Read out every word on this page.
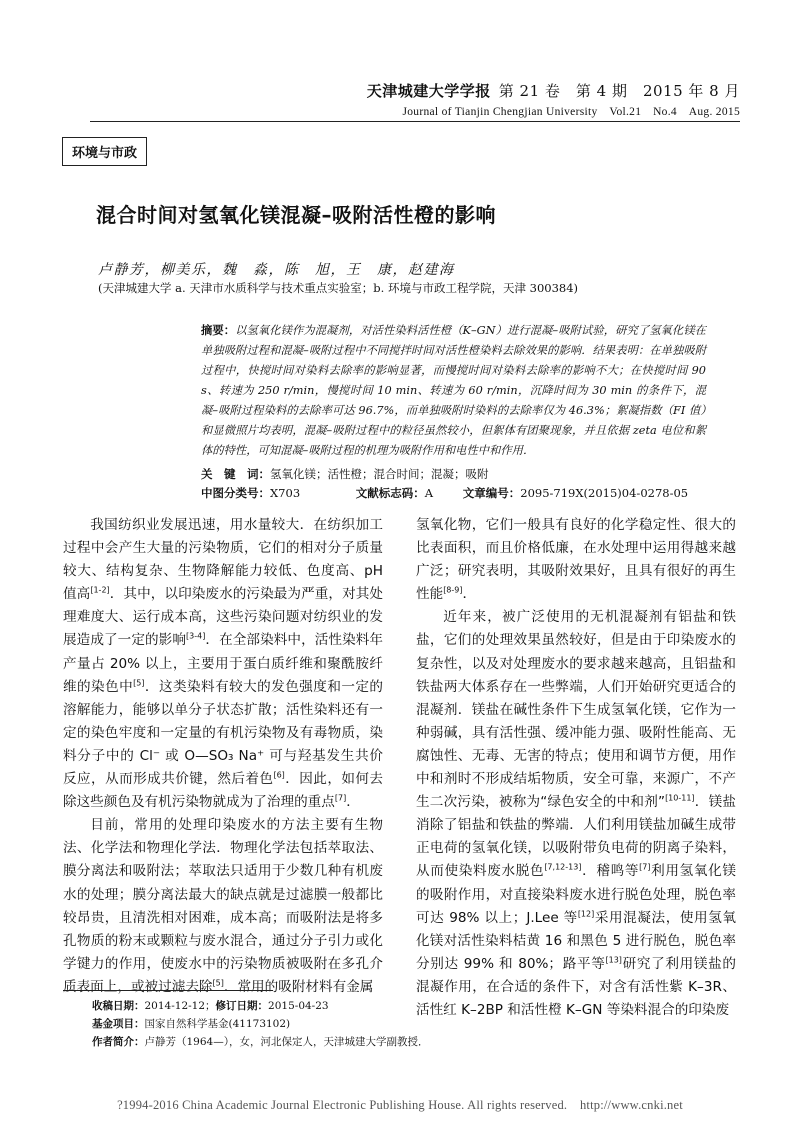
天津城建大学学报 第 21 卷　第 4 期　2015 年 8 月
Journal of Tianjin Chengjian University　Vol.21　No.4　Aug. 2015
环境与市政
混合时间对氢氧化镁混凝–吸附活性橙的影响
卢静芳，柳美乐，魏　淼，陈　旭，王　康，赵建海
(天津城建大学 a. 天津市水质科学与技术重点实验室；b. 环境与市政工程学院，天津 300384)
摘要：以氢氧化镁作为混凝剂，对活性染料活性橙（K–GN）进行混凝–吸附试验，研究了氢氧化镁在单独吸附过程和混凝–吸附过程中不同搅拌时间对活性橙染料去除效果的影响．结果表明：在单独吸附过程中，快搅时间对染料去除率的影响显著，而慢搅时间对染料去除率的影响不大；在快搅时间 90 s、转速为 250 r/min，慢搅时间 10 min、转速为 60 r/min，沉降时间为 30 min 的条件下，混凝–吸附过程染料的去除率可达 96.7%，而单独吸附时染料的去除率仅为 46.3%；絮凝指数（FI 值）和显微照片均表明，混凝–吸附过程中的粒径虽然较小，但絮体有团聚现象，并且依据 zeta 电位和絮体的特性，可知混凝–吸附过程的机理为吸附作用和电性中和作用．
关　键　词：氢氧化镁；活性橙；混合时间；混凝；吸附
中图分类号：X703	文献标志码：A	文章编号：2095-719X(2015)04-0278-05

我国纺织业发展迅速，用水量较大．在纺织加工过程中会产生大量的污染物质，它们的相对分子质量较大、结构复杂、生物降解能力较低、色度高、pH 值高[1-2]．其中，以印染废水的污染最为严重，对其处理难度大、运行成本高，这些污染问题对纺织业的发展造成了一定的影响[3-4]．在全部染料中，活性染料年产量占 20% 以上，主要用于蛋白质纤维和聚酰胺纤维的染色中[5]．这类染料有较大的发色强度和一定的溶解能力，能够以单分子状态扩散；活性染料还有一定的染色牢度和一定量的有机污染物及有毒物质，染料分子中的 Cl⁻ 或 O—SO₃ Na⁺ 可与羟基发生共价反应，从而形成共价键，然后着色[6]．因此，如何去除这些颜色及有机污染物就成为了治理的重点[7]．

目前，常用的处理印染废水的方法主要有生物法、化学法和物理化学法．物理化学法包括萃取法、膜分离法和吸附法；萃取法只适用于少数几种有机废水的处理；膜分离法最大的缺点就是过滤膜一般都比较昂贵，且清洗相对困难，成本高；而吸附法是将多孔物质的粉末或颗粒与废水混合，通过分子引力或化学键力的作用，使废水中的污染物质被吸附在多孔介质表面上，或被过滤去除[5]．常用的吸附材料有金属

氢氧化物，它们一般具有良好的化学稳定性、很大的比表面积，而且价格低廉，在水处理中运用得越来越广泛；研究表明，其吸附效果好，且具有很好的再生性能[8-9]．

近年来，被广泛使用的无机混凝剂有铝盐和铁盐，它们的处理效果虽然较好，但是由于印染废水的复杂性，以及对处理废水的要求越来越高，且铝盐和铁盐两大体系存在一些弊端，人们开始研究更适合的混凝剂．镁盐在碱性条件下生成氢氧化镁，它作为一种弱碱，具有活性强、缓冲能力强、吸附性能高、无腐蚀性、无毒、无害的特点；使用和调节方便，用作中和剂时不形成结垢物质，安全可靠，来源广，不产生二次污染，被称为“绿色安全的中和剂”[10-11]．镁盐消除了铝盐和铁盐的弊端．人们利用镁盐加碱生成带正电荷的氢氧化镁，以吸附带负电荷的阴离子染料，从而使染料废水脱色[7,12-13]．稽鸣等[7]利用氢氧化镁的吸附作用，对直接染料废水进行脱色处理，脱色率可达 98% 以上；J.Lee 等[12]采用混凝法，使用氢氧化镁对活性染料桔黄 16 和黑色 5 进行脱色，脱色率分别达 99% 和 80%；路平等[13]研究了利用镁盐的混凝作用，在合适的条件下，对含有活性紫 K–3R、活性红 K–2BP 和活性橙 K–GN 等染料混合的印染废

收稿日期：2014-12-12；修订日期：2015-04-23
基金项目：国家自然科学基金(41173102)
作者简介：卢静芳（1964—），女，河北保定人，天津城建大学副教授．
?1994-2016 China Academic Journal Electronic Publishing House. All rights reserved.　http://www.cnki.net
